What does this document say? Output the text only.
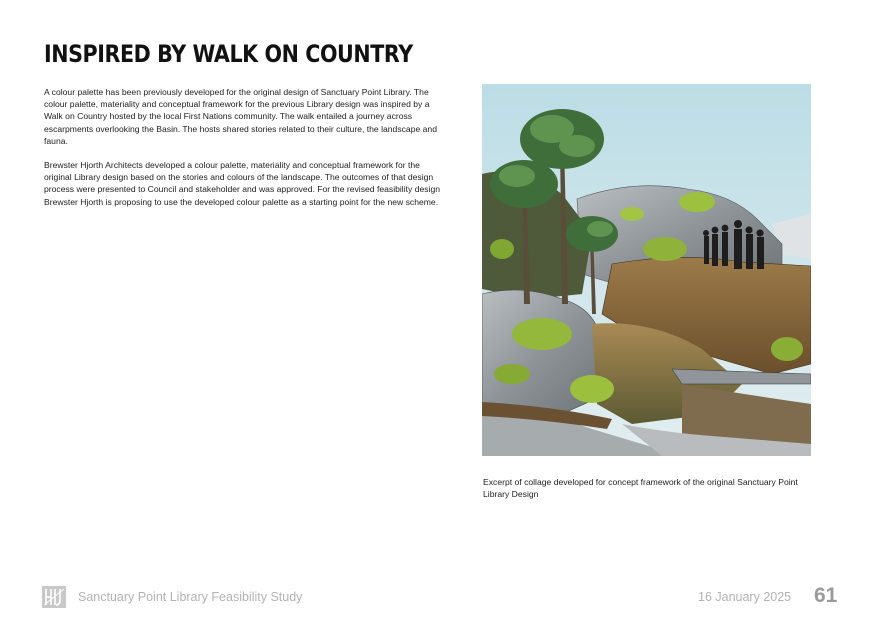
INSPIRED BY WALK ON COUNTRY

A colour palette has been previously developed for the original design of Sanctuary Point Library. The colour palette, materiality and conceptual framework for the previous Library design was inspired by a Walk on Country hosted by the local First Nations community. The walk entailed a journey across escarpments overlooking the Basin. The hosts shared stories related to their culture, the landscape and fauna.

Brewster Hjorth Architects developed a colour palette, materiality and conceptual framework for the original Library design based on the stories and colours of the landscape. The outcomes of that design process were presented to Council and stakeholder and was approved. For the revised feasibility design Brewster Hjorth is proposing to use the developed colour palette as a starting point for the new scheme.

Excerpt of collage developed for concept framework of the original Sanctuary Point Library Design
Sanctuary Point Library Feasibility Study	16 January 2025 61
